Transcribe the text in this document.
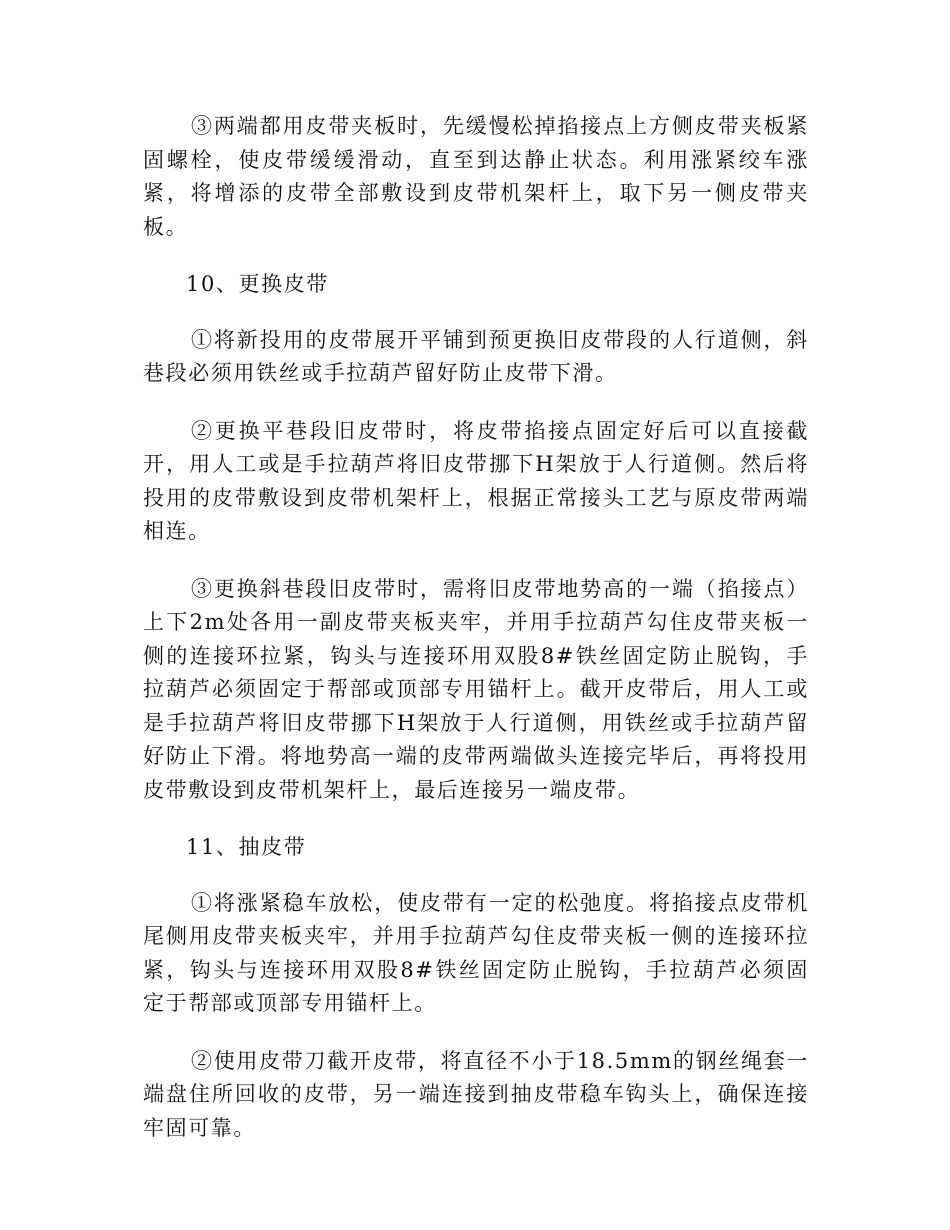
③两端都用皮带夹板时，先缓慢松掉掐接点上方侧皮带夹板紧固螺栓，使皮带缓缓滑动，直至到达静止状态。利用涨紧绞车涨紧，将增添的皮带全部敷设到皮带机架杆上，取下另一侧皮带夹板。

10、更换皮带

①将新投用的皮带展开平铺到预更换旧皮带段的人行道侧，斜巷段必须用铁丝或手拉葫芦留好防止皮带下滑。

②更换平巷段旧皮带时，将皮带掐接点固定好后可以直接截开，用人工或是手拉葫芦将旧皮带挪下H架放于人行道侧。然后将投用的皮带敷设到皮带机架杆上，根据正常接头工艺与原皮带两端相连。

③更换斜巷段旧皮带时，需将旧皮带地势高的一端（掐接点）上下2m处各用一副皮带夹板夹牢，并用手拉葫芦勾住皮带夹板一侧的连接环拉紧，钩头与连接环用双股8#铁丝固定防止脱钩，手拉葫芦必须固定于帮部或顶部专用锚杆上。截开皮带后，用人工或是手拉葫芦将旧皮带挪下H架放于人行道侧，用铁丝或手拉葫芦留好防止下滑。将地势高一端的皮带两端做头连接完毕后，再将投用皮带敷设到皮带机架杆上，最后连接另一端皮带。

11、抽皮带

①将涨紧稳车放松，使皮带有一定的松弛度。将掐接点皮带机尾侧用皮带夹板夹牢，并用手拉葫芦勾住皮带夹板一侧的连接环拉紧，钩头与连接环用双股8#铁丝固定防止脱钩，手拉葫芦必须固定于帮部或顶部专用锚杆上。

②使用皮带刀截开皮带，将直径不小于18.5mm的钢丝绳套一端盘住所回收的皮带，另一端连接到抽皮带稳车钩头上，确保连接牢固可靠。
